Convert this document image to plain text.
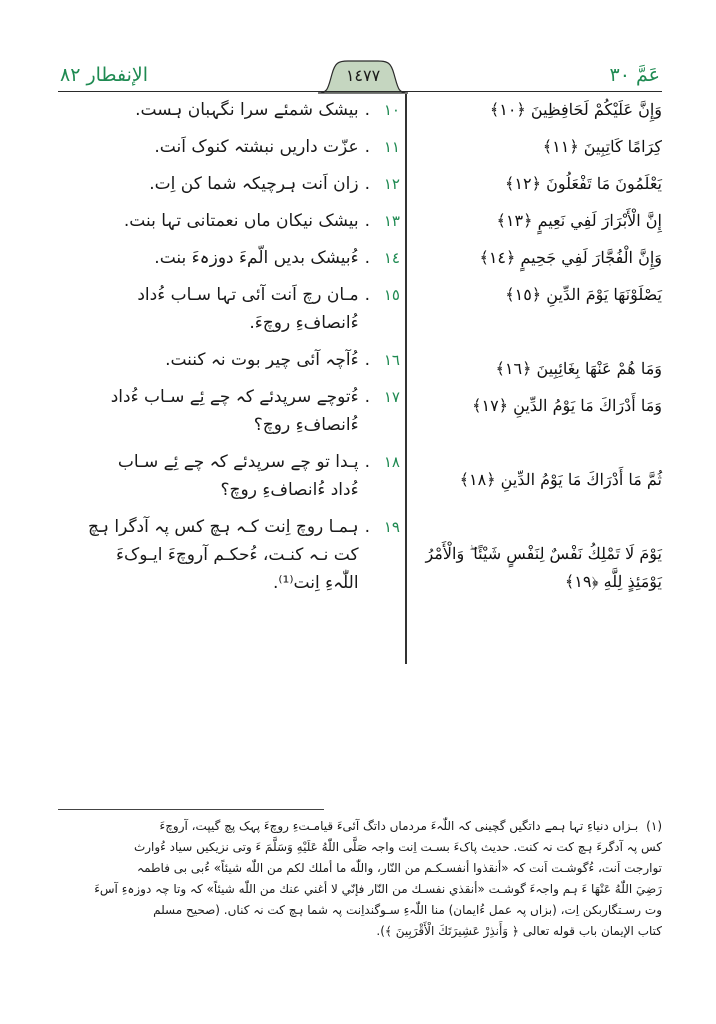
الإنفطار ٨٢	١٤٧٧	عَمَّ ٣٠
١٠
.
بیشک شمئے سرا نگہبان ہست.
١١
.
عزّت داریں نبشتہ کنوک اَنت.
١٢
.
زان اَنت ہرچیکہ شما کن اِت.
١٣
.
بیشک نیکان ماں نعمتانی تہا بنت.
١٤
.
ءُبیشک بدیں الّمءَ دوزہءَ بنت.
١٥
.
مـان رچ اَنت آئی تہا سـاب ءُداد ءُانصافءِ روچءَ.
١٦
.
ءُآچہ آئی چیر بوت نہ کننت.
١٧
.
ءُتوچے سرپدئے کہ چے ئِے سـاب ءُداد ءُانصافءِ روچ؟
١٨
.
پـدا تو چے سرپدئے کہ چے ئِے سـاب ءُداد ءُانصافءِ روچ؟
١٩
.
ہمـا روچ اِنت کـہ ہچ کس پہ آدگرا ہچ کت نـہ کنـت، ءُحکـم آروچءَ ایـوکءَ اللّٰہءِ اِنت⁽¹⁾.
وَإِنَّ عَلَيْكُمْ لَحَافِظِينَ ﴿١٠﴾
كِرَامًا كَاتِبِينَ ﴿١١﴾
يَعْلَمُونَ مَا تَفْعَلُونَ ﴿١٢﴾
إِنَّ الْأَبْرَارَ لَفِي نَعِيمٍ ﴿١٣﴾
وَإِنَّ الْفُجَّارَ لَفِي جَحِيمٍ ﴿١٤﴾
يَصْلَوْنَهَا يَوْمَ الدِّينِ ﴿١٥﴾
وَمَا هُمْ عَنْهَا بِغَائِبِينَ ﴿١٦﴾
وَمَا أَدْرَاكَ مَا يَوْمُ الدِّينِ ﴿١٧﴾
ثُمَّ مَا أَدْرَاكَ مَا يَوْمُ الدِّينِ ﴿١٨﴾
يَوْمَ لَا تَمْلِكُ نَفْسٌ لِنَفْسٍ شَيْئًا ۖ وَالْأَمْرُ يَوْمَئِذٍ لِلَّهِ ﴿١٩﴾
(١)بـزاں دنیاءِ تہا ہمے داتگیں گچینی کہ اللّٰہءَ مردماں داتگ آئیءَ قیامـتءِ روچءَ پہک پچ گیپت، آروچءَ
کس پہ آدگرءَ ہچ کت نہ کنت. حدیث پاکءَ بسـت اِنت واجہ صَلَّى اللّٰهُ عَلَيْهِ وَسَلَّمَ ءَ وتی نزیکیں سیاد ءُوارث
توارجت اَنت، ءُگوشـت اَنت کہ «أنقذوا أنفسـكـم من النّار، واللّٰه ما أملك لكم من اللّٰه شيئاً» ءُبی بی فاطمہ
رَضِيَ اللّٰهُ عَنْهَا ءَ ہم واجہءَ گوشـت «أنقذي نفسـك من النّار فإنّي لا أغني عنك من اللّٰه شيئاً» کہ وتا چہ دوزہءِ آسءَ
وت رسـتگاربکن اِت، (بزاں پہ عمل ءُایمان) منا اللّٰہءِ سـوگنداِنت پہ شما ہچ کت نہ کناں. (صحیح مسلم
كتاب الإيمان باب قوله تعالى ﴿ وَأَنذِرْ عَشِيرَتَكَ الْأَقْرَبِينَ ﴾).
